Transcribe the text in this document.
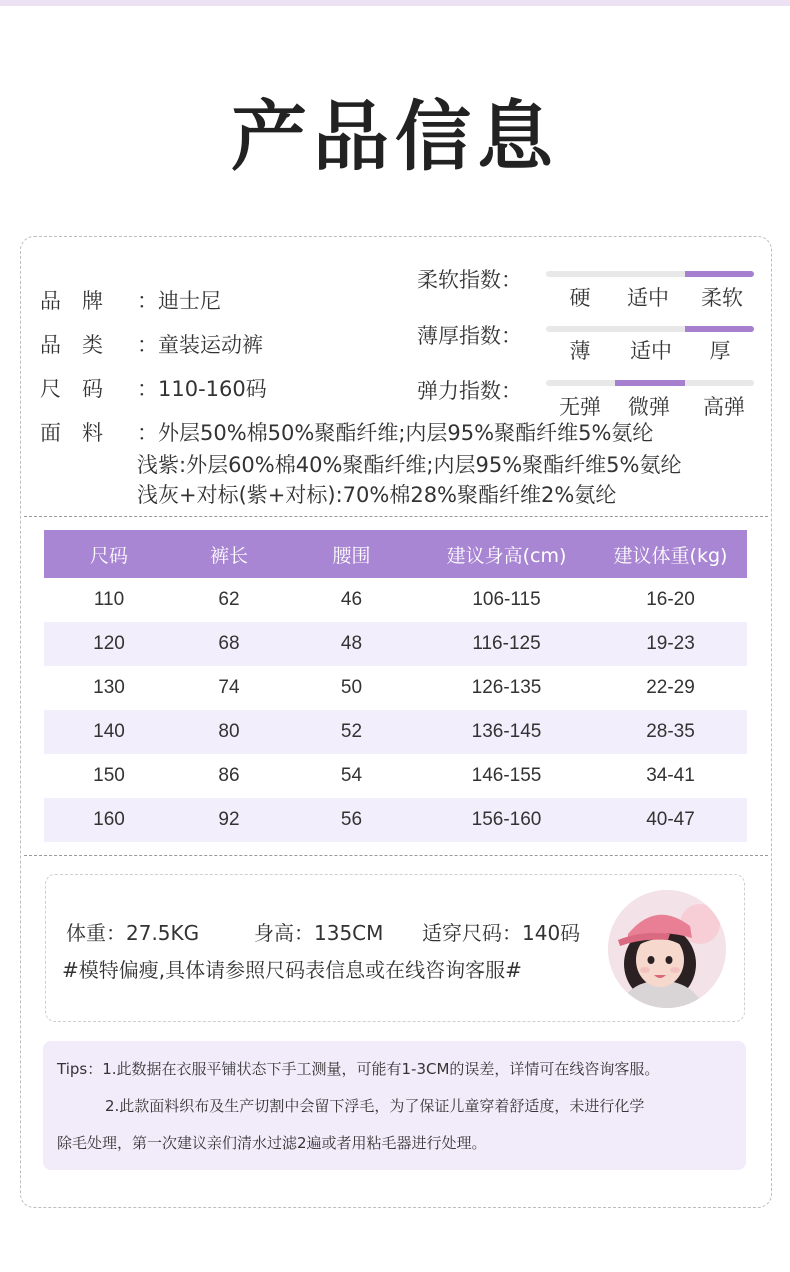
产品信息
品　牌 ：迪士尼
品　类 ：童装运动裤
尺　码 ：110-160码
面　料 ：外层50%棉50%聚酯纤维;内层95%聚酯纤维5%氨纶
浅紫:外层60%棉40%聚酯纤维;内层95%聚酯纤维5%氨纶
浅灰+对标(紫+对标):70%棉28%聚酯纤维2%氨纶
柔软指数：
硬	适中	柔软
薄厚指数：
薄	适中	厚
弹力指数：
无弹	微弹	高弹
尺码	裤长	腰围	建议身高(cm)	建议体重(kg)
110	62	46	106-115	16-20
120	68	48	116-125	19-23
130	74	50	126-135	22-29
140	80	52	136-145	28-35
150	86	54	146-155	34-41
160	92	56	156-160	40-47
体重：27.5KG	身高：135CM 适穿尺码：140码
#模特偏瘦,具体请参照尺码表信息或在线咨询客服#
Tips：1.此数据在衣服平铺状态下手工测量，可能有1-3CM的误差，详情可在线咨询客服。
2.此款面料织布及生产切割中会留下浮毛，为了保证儿童穿着舒适度，未进行化学
除毛处理，第一次建议亲们清水过滤2遍或者用粘毛器进行处理。
